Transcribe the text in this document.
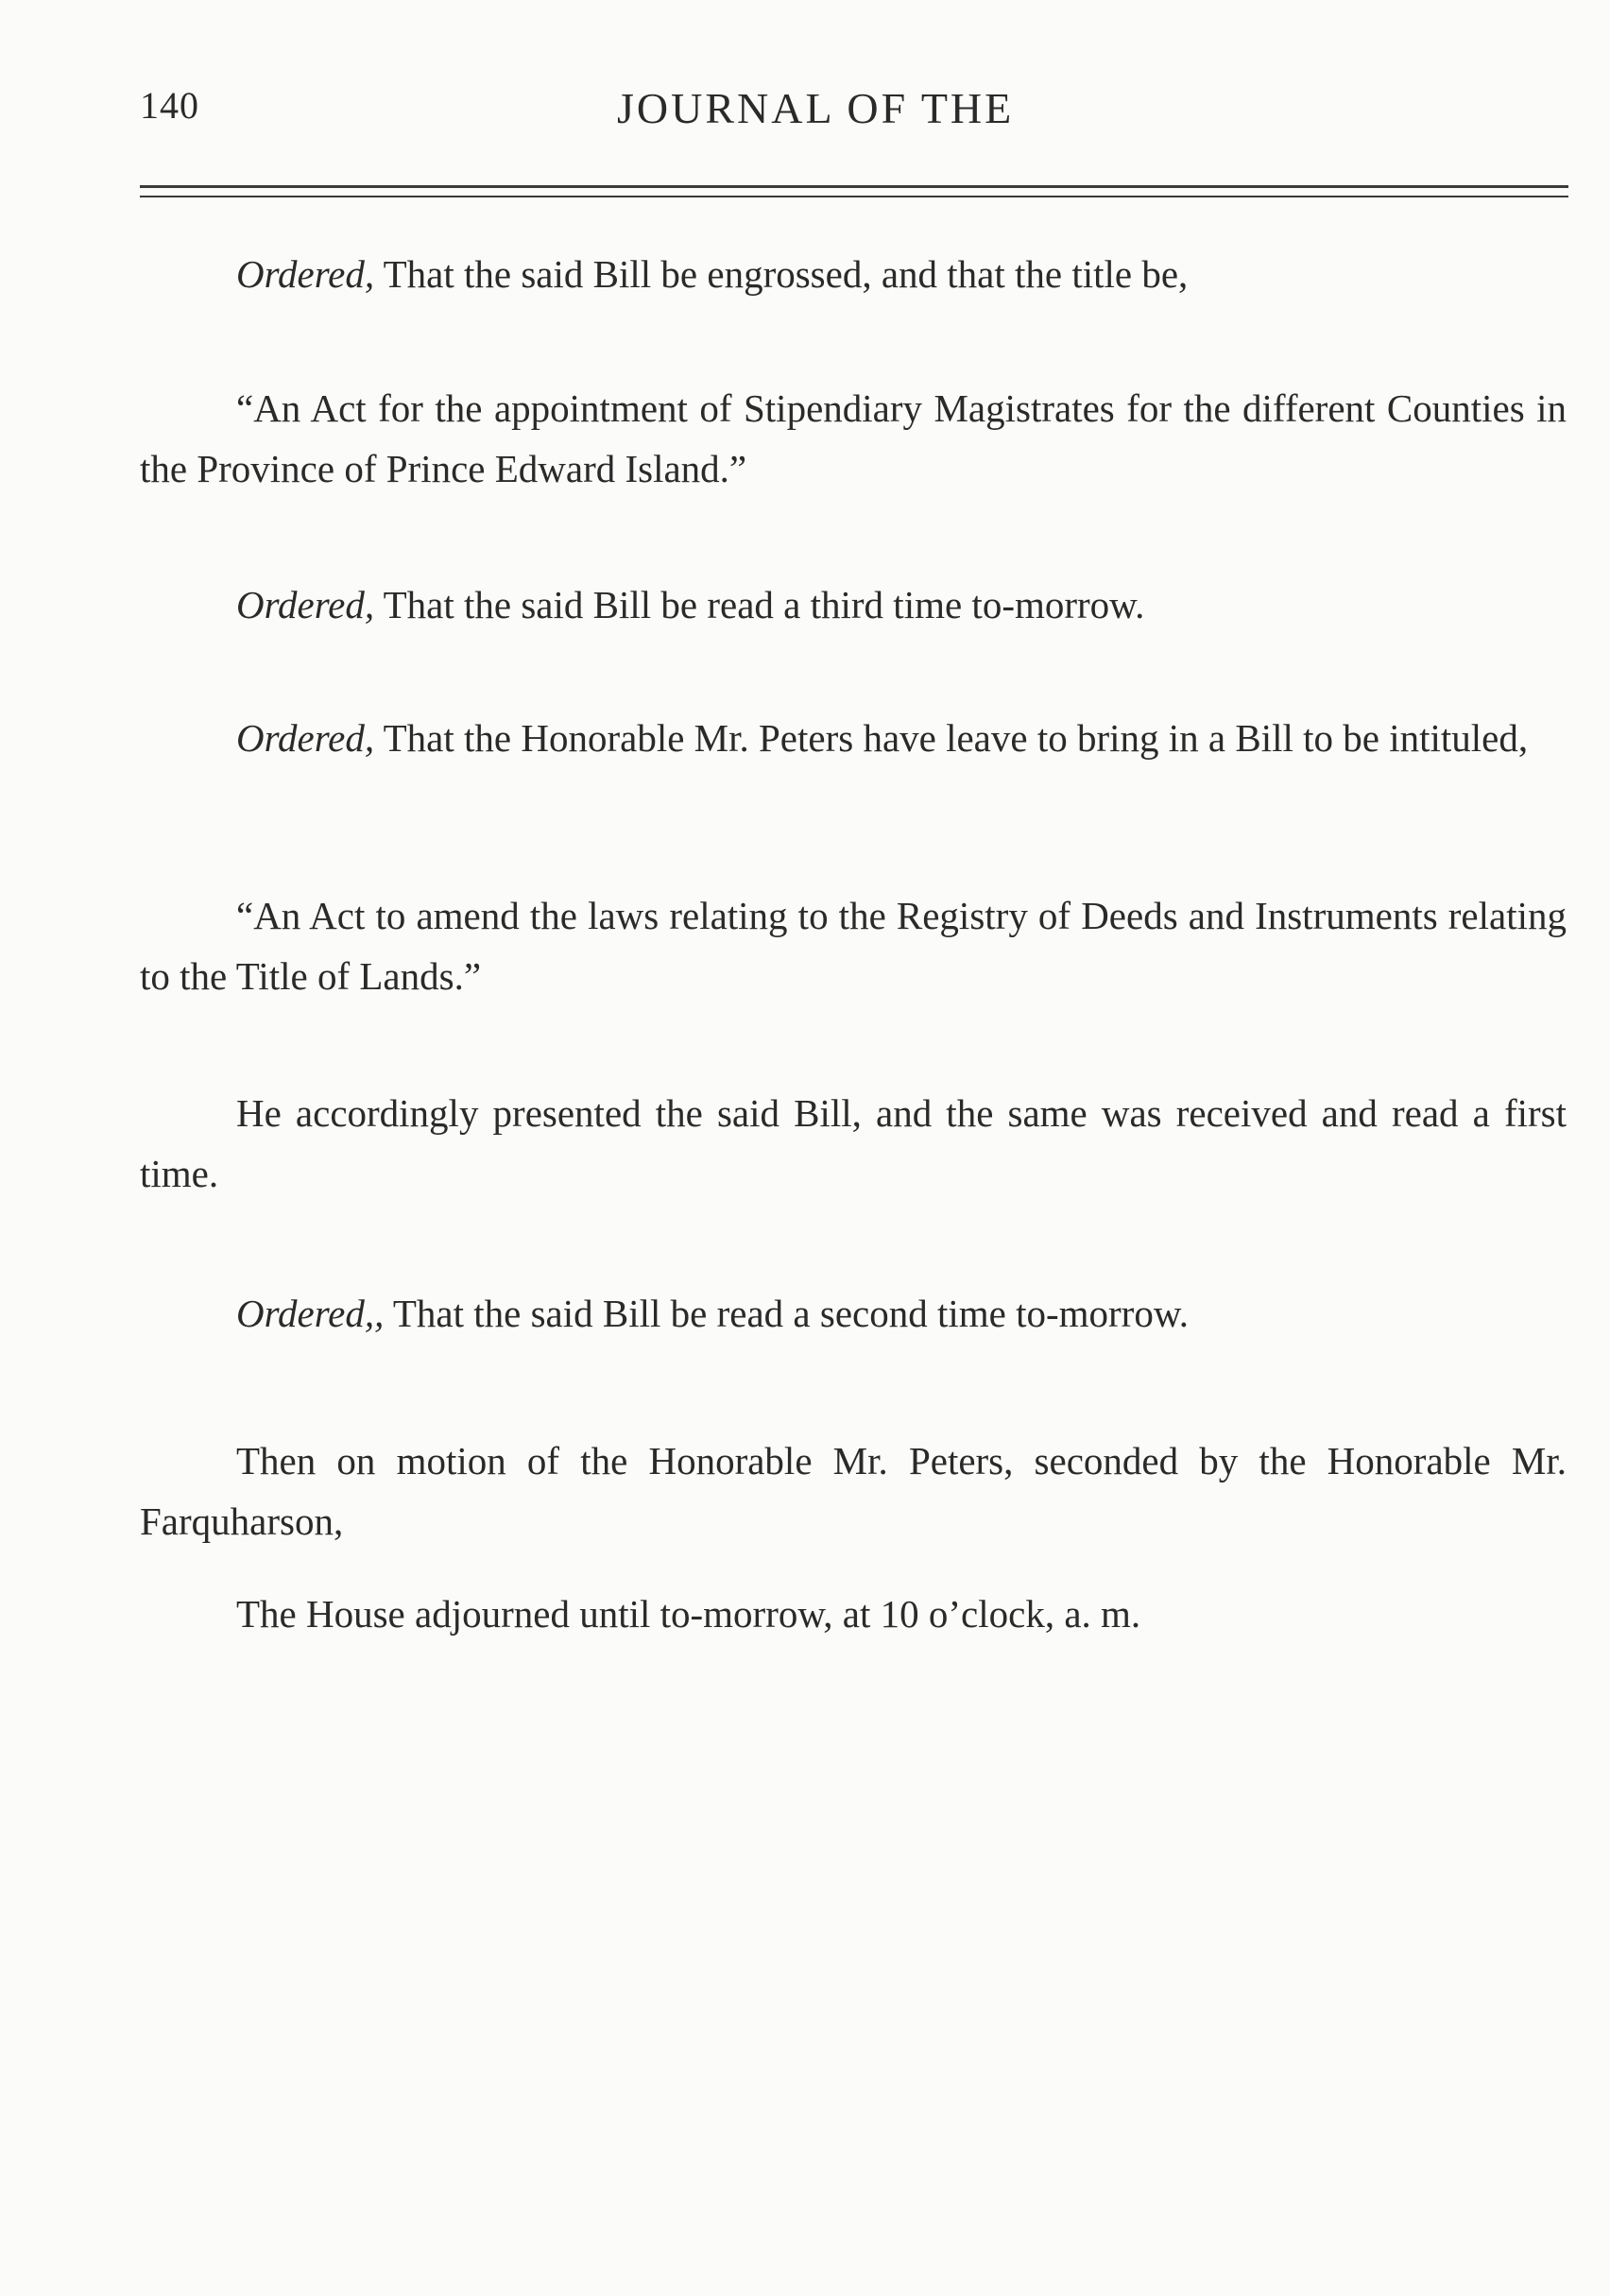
140	JOURNAL OF THE

Ordered, That the said Bill be engrossed, and that the title be,

“An Act for the appointment of Stipendiary Magistrates for the different Counties in the Province of Prince Edward Island.”

Ordered, That the said Bill be read a third time to-morrow.

Ordered, That the Honorable Mr. Peters have leave to bring in a Bill to be intituled,

“An Act to amend the laws relating to the Registry of Deeds and Instruments relating to the Title of Lands.”

He accordingly presented the said Bill, and the same was received and read a first time.

Ordered,, That the said Bill be read a second time to-morrow.

Then on motion of the Honorable Mr. Peters, seconded by the Honorable Mr. Farquharson,

The House adjourned until to-morrow, at 10 o’clock, a. m.
